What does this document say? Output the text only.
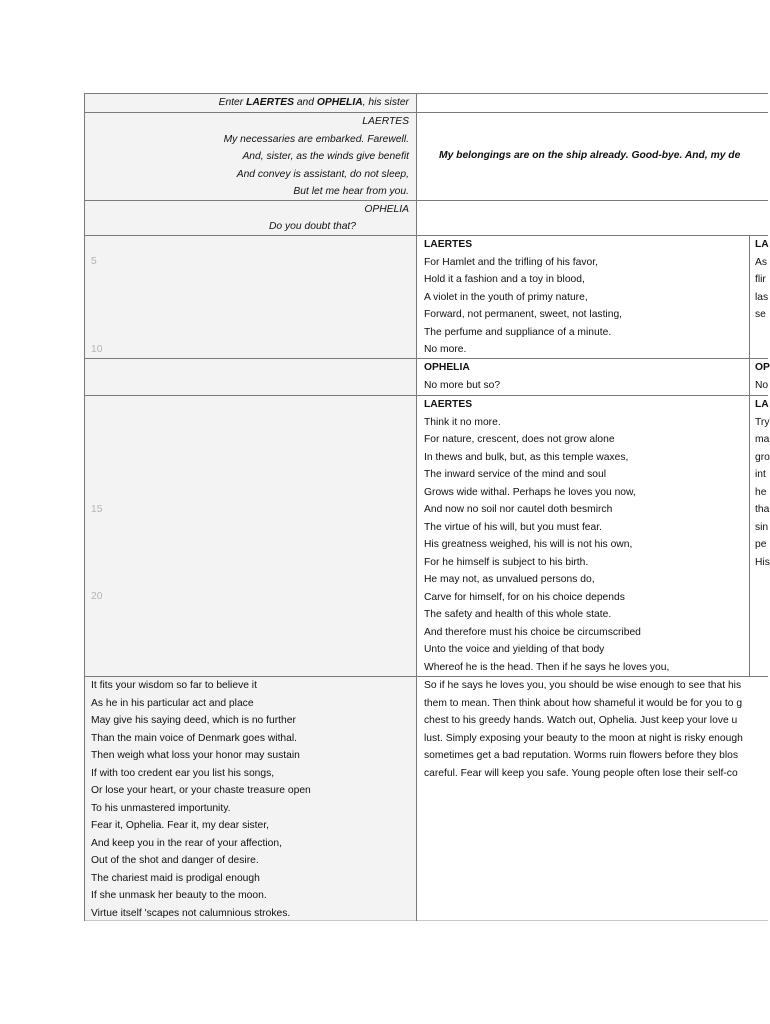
Enter LAERTES and OPHELIA, his sister
LAERTES
My necessaries are embarked. Farewell.
And, sister, as the winds give benefit
And convey is assistant, do not sleep,
But let me hear from you.
My belongings are on the ship already. Good-bye. And, my de
OPHELIA
Do you doubt that?
5
10
LAERTES
For Hamlet and the trifling of his favor,
Hold it a fashion and a toy in blood,
A violet in the youth of primy nature,
Forward, not permanent, sweet, not lasting,
The perfume and suppliance of a minute.
No more.
LA
As
flir
las
se
OPHELIA
No more but so?
OP
No
15
20
LAERTES
Think it no more.
For nature, crescent, does not grow alone
In thews and bulk, but, as this temple waxes,
The inward service of the mind and soul
Grows wide withal. Perhaps he loves you now,
And now no soil nor cautel doth besmirch
The virtue of his will, but you must fear.
His greatness weighed, his will is not his own,
For he himself is subject to his birth.
He may not, as unvalued persons do,
Carve for himself, for on his choice depends
The safety and health of this whole state.
And therefore must his choice be circumscribed
Unto the voice and yielding of that body
Whereof he is the head. Then if he says he loves you,
LA
Try
ma
gro
int
he
tha
sin
pe
His
It fits your wisdom so far to believe it
As he in his particular act and place
May give his saying deed, which is no further
Than the main voice of Denmark goes withal.
Then weigh what loss your honor may sustain
If with too credent ear you list his songs,
Or lose your heart, or your chaste treasure open
To his unmastered importunity.
Fear it, Ophelia. Fear it, my dear sister,
And keep you in the rear of your affection,
Out of the shot and danger of desire.
The chariest maid is prodigal enough
If she unmask her beauty to the moon.
Virtue itself 'scapes not calumnious strokes.
So if he says he loves you, you should be wise enough to see that his
them to mean. Then think about how shameful it would be for you to g
chest to his greedy hands. Watch out, Ophelia. Just keep your love u
lust. Simply exposing your beauty to the moon at night is risky enough
sometimes get a bad reputation. Worms ruin flowers before they blos
careful. Fear will keep you safe. Young people often lose their self-co
